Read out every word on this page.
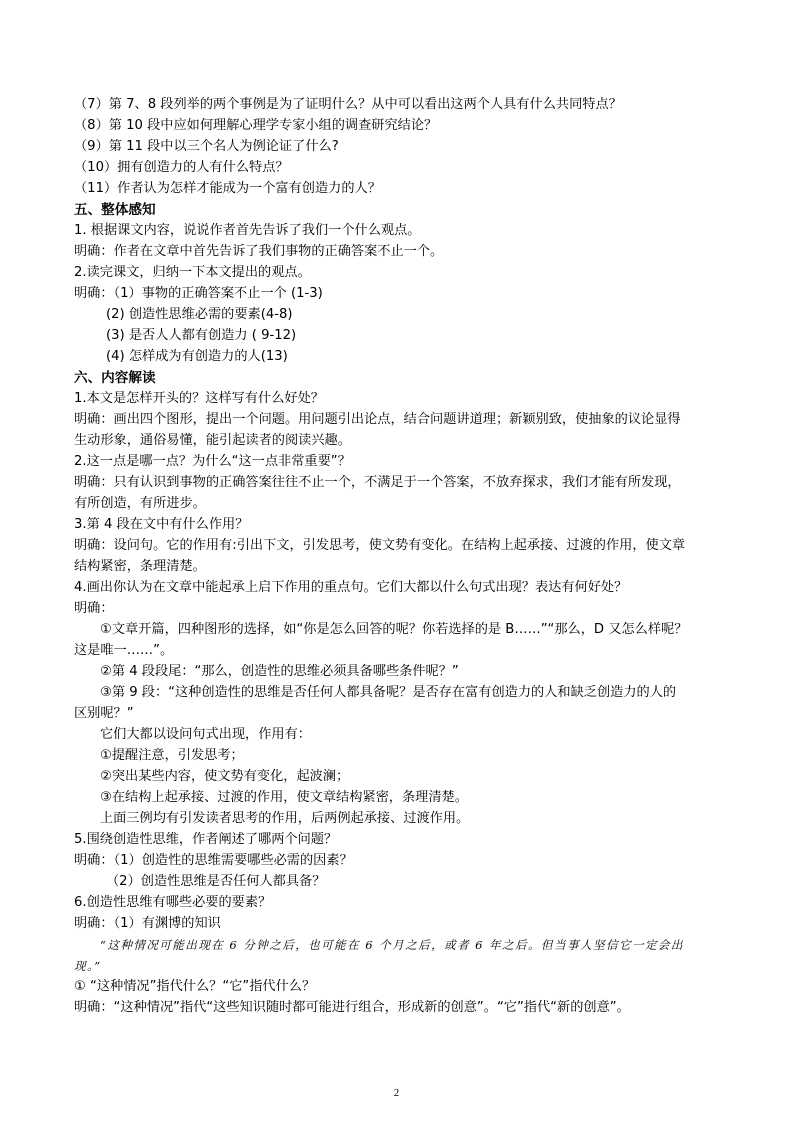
（7）第 7、8 段列举的两个事例是为了证明什么？从中可以看出这两个人具有什么共同特点？
（8）第 10 段中应如何理解心理学专家小组的调查研究结论？
（9）第 11 段中以三个名人为例论证了什么?
（10）拥有创造力的人有什么特点？
（11）作者认为怎样才能成为一个富有创造力的人？
五、整体感知
1. 根据课文内容，说说作者首先告诉了我们一个什么观点。
明确：作者在文章中首先告诉了我们事物的正确答案不止一个。
2.读完课文，归纳一下本文提出的观点。
明确：（1）事物的正确答案不止一个 (1-3)
(2) 创造性思维必需的要素(4-8)
(3) 是否人人都有创造力 ( 9-12)
(4) 怎样成为有创造力的人(13)
六、内容解读
1.本文是怎样开头的？这样写有什么好处？
明确：画出四个图形，提出一个问题。用问题引出论点，结合问题讲道理；新颖别致，使抽象的议论显得
生动形象，通俗易懂，能引起读者的阅读兴趣。
2.这一点是哪一点？为什么“这一点非常重要”？
明确：只有认识到事物的正确答案往往不止一个，不满足于一个答案，不放弃探求，我们才能有所发现，
有所创造，有所进步。
3.第 4 段在文中有什么作用？
明确：设问句。它的作用有:引出下文，引发思考，使文势有变化。在结构上起承接、过渡的作用，使文章
结构紧密，条理清楚。
4.画出你认为在文章中能起承上启下作用的重点句。它们大都以什么句式出现？表达有何好处？
明确：
①文章开篇，四种图形的选择，如“你是怎么回答的呢？你若选择的是 B……”“那么，D 又怎么样呢？
这是唯一……”。
②第 4 段段尾：“那么，创造性的思维必须具备哪些条件呢？”
③第 9 段：“这种创造性的思维是否任何人都具备呢？是否存在富有创造力的人和缺乏创造力的人的
区别呢？”
它们大都以设问句式出现，作用有：
①提醒注意，引发思考；
②突出某些内容，使文势有变化，起波澜；
③在结构上起承接、过渡的作用，使文章结构紧密，条理清楚。
上面三例均有引发读者思考的作用，后两例起承接、过渡作用。
5.围绕创造性思维，作者阐述了哪两个问题？
明确：（1）创造性的思维需要哪些必需的因素？
（2）创造性思维是否任何人都具备？
6.创造性思维有哪些必要的要素？
明确：（1）有渊博的知识
“这种情况可能出现在 6 分钟之后，也可能在 6 个月之后，或者 6 年之后。但当事人坚信它一定会出
现。”
① “这种情况”指代什么？“它”指代什么？
明确：“这种情况”指代“这些知识随时都可能进行组合，形成新的创意”。“它”指代“新的创意”。
2
